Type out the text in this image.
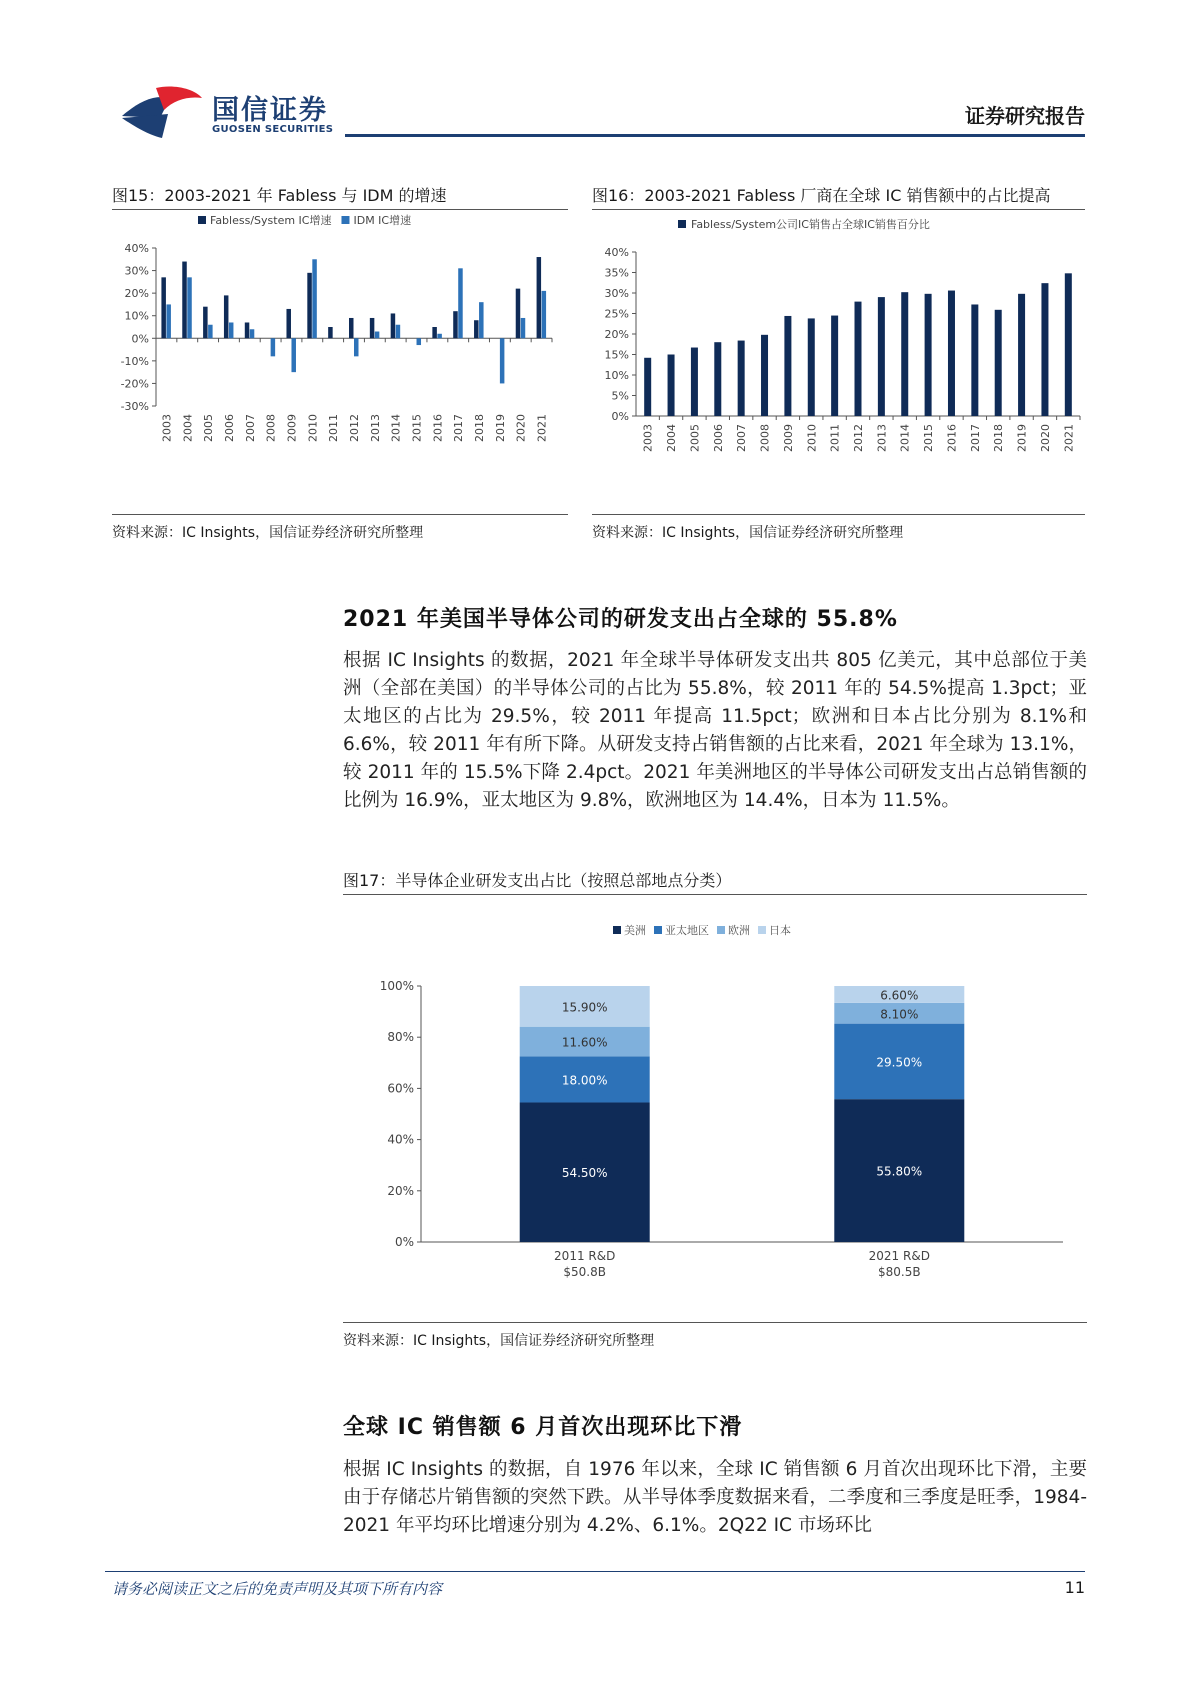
国信证券
GUOSEN SECURITIES
证券研究报告
图15：2003-2021 年 Fabless 与 IDM 的增速
Fabless/System IC增速 IDM IC增速
-30%
-20%
-10%
0%
10%
20%
30%
40%
2003 2004 2005 2006 2007 2008 2009 2010 2011 2012 2013 2014 2015 2016 2017 2018 2019 2020 2021
资料来源：IC Insights，国信证券经济研究所整理
图16：2003-2021 Fabless 厂商在全球 IC 销售额中的占比提高
Fabless/System公司IC销售占全球IC销售百分比
0%
5%
10%
15%
20%
25%
30%
35%
40%
2003 2004 2005 2006 2007 2008 2009 2010 2011 2012 2013 2014 2015 2016 2017 2018 2019 2020 2021
资料来源：IC Insights，国信证券经济研究所整理
2021 年美国半导体公司的研发支出占全球的 55.8%
根据 IC Insights 的数据，2021 年全球半导体研发支出共 805 亿美元，其中总部位于美洲（全部在美国）的半导体公司的占比为 55.8%，较 2011 年的 54.5%提高 1.3pct；亚太地区的占比为 29.5%，较 2011 年提高 11.5pct；欧洲和日本占比分别为 8.1%和 6.6%，较 2011 年有所下降。从研发支持占销售额的占比来看，2021 年全球为 13.1%，较 2011 年的 15.5%下降 2.4pct。2021 年美洲地区的半导体公司研发支出占总销售额的比例为 16.9%，亚太地区为 9.8%，欧洲地区为 14.4%，日本为 11.5%。
图17：半导体企业研发支出占比（按照总部地点分类）
美洲 亚太地区 欧洲 日本
0%
20%
40%
60%
80%
100%
54.50%
18.00%
11.60%
15.90%
2011 R&D
$50.8B
55.80%
29.50%
8.10%
6.60%
2021 R&D
$80.5B
资料来源：IC Insights，国信证券经济研究所整理
全球 IC 销售额 6 月首次出现环比下滑
根据 IC Insights 的数据，自 1976 年以来，全球 IC 销售额 6 月首次出现环比下滑，主要由于存储芯片销售额的突然下跌。从半导体季度数据来看，二季度和三季度是旺季，1984-2021 年平均环比增速分别为 4.2%、6.1%。2Q22 IC 市场环比
请务必阅读正文之后的免责声明及其项下所有内容	11
